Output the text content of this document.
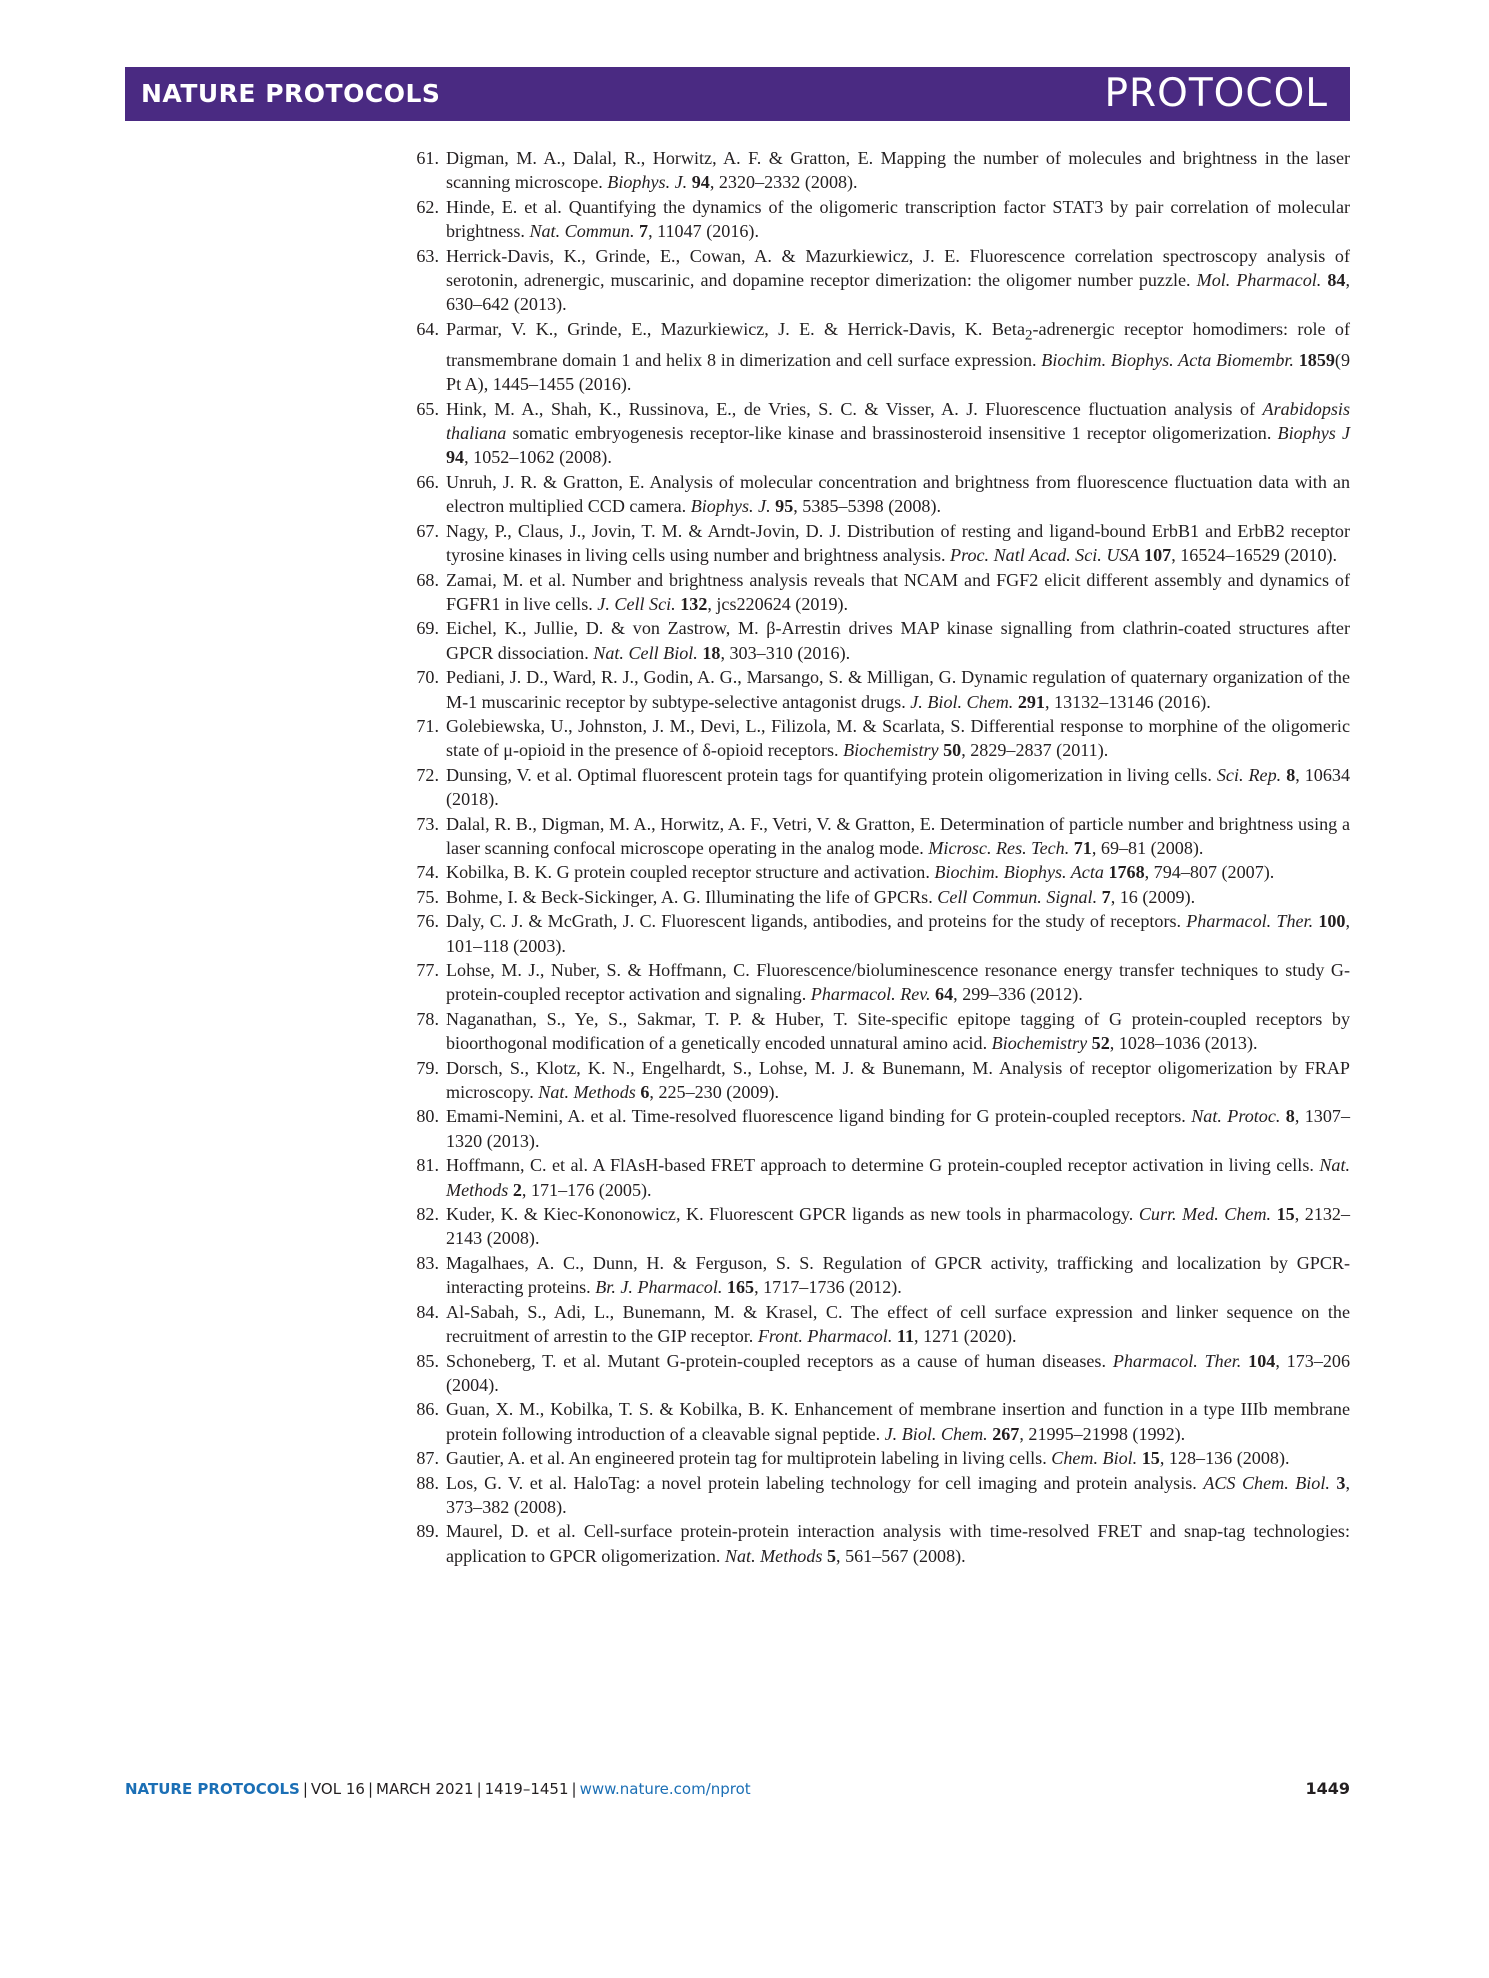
NATURE PROTOCOLS	PROTOCOL
61. Digman, M. A., Dalal, R., Horwitz, A. F. & Gratton, E. Mapping the number of molecules and brightness in the laser scanning microscope. Biophys. J. 94, 2320–2332 (2008).
62. Hinde, E. et al. Quantifying the dynamics of the oligomeric transcription factor STAT3 by pair correlation of molecular brightness. Nat. Commun. 7, 11047 (2016).
63. Herrick-Davis, K., Grinde, E., Cowan, A. & Mazurkiewicz, J. E. Fluorescence correlation spectroscopy analysis of serotonin, adrenergic, muscarinic, and dopamine receptor dimerization: the oligomer number puzzle. Mol. Pharmacol. 84, 630–642 (2013).
64. Parmar, V. K., Grinde, E., Mazurkiewicz, J. E. & Herrick-Davis, K. Beta$_2$-adrenergic receptor homodimers: role of transmembrane domain 1 and helix 8 in dimerization and cell surface expression. Biochim. Biophys. Acta Biomembr. 1859(9 Pt A), 1445–1455 (2016).
65. Hink, M. A., Shah, K., Russinova, E., de Vries, S. C. & Visser, A. J. Fluorescence fluctuation analysis of Arabidopsis thaliana somatic embryogenesis receptor-like kinase and brassinosteroid insensitive 1 receptor oligomerization. Biophys J 94, 1052–1062 (2008).
66. Unruh, J. R. & Gratton, E. Analysis of molecular concentration and brightness from fluorescence fluctuation data with an electron multiplied CCD camera. Biophys. J. 95, 5385–5398 (2008).
67. Nagy, P., Claus, J., Jovin, T. M. & Arndt-Jovin, D. J. Distribution of resting and ligand-bound ErbB1 and ErbB2 receptor tyrosine kinases in living cells using number and brightness analysis. Proc. Natl Acad. Sci. USA 107, 16524–16529 (2010).
68. Zamai, M. et al. Number and brightness analysis reveals that NCAM and FGF2 elicit different assembly and dynamics of FGFR1 in live cells. J. Cell Sci. 132, jcs220624 (2019).
69. Eichel, K., Jullie, D. & von Zastrow, M. β-Arrestin drives MAP kinase signalling from clathrin-coated structures after GPCR dissociation. Nat. Cell Biol. 18, 303–310 (2016).
70. Pediani, J. D., Ward, R. J., Godin, A. G., Marsango, S. & Milligan, G. Dynamic regulation of quaternary organization of the M-1 muscarinic receptor by subtype-selective antagonist drugs. J. Biol. Chem. 291, 13132–13146 (2016).
71. Golebiewska, U., Johnston, J. M., Devi, L., Filizola, M. & Scarlata, S. Differential response to morphine of the oligomeric state of μ-opioid in the presence of δ-opioid receptors. Biochemistry 50, 2829–2837 (2011).
72. Dunsing, V. et al. Optimal fluorescent protein tags for quantifying protein oligomerization in living cells. Sci. Rep. 8, 10634 (2018).
73. Dalal, R. B., Digman, M. A., Horwitz, A. F., Vetri, V. & Gratton, E. Determination of particle number and brightness using a laser scanning confocal microscope operating in the analog mode. Microsc. Res. Tech. 71, 69–81 (2008).
74. Kobilka, B. K. G protein coupled receptor structure and activation. Biochim. Biophys. Acta 1768, 794–807 (2007).
75. Bohme, I. & Beck-Sickinger, A. G. Illuminating the life of GPCRs. Cell Commun. Signal. 7, 16 (2009).
76. Daly, C. J. & McGrath, J. C. Fluorescent ligands, antibodies, and proteins for the study of receptors. Pharmacol. Ther. 100, 101–118 (2003).
77. Lohse, M. J., Nuber, S. & Hoffmann, C. Fluorescence/bioluminescence resonance energy transfer techniques to study G-protein-coupled receptor activation and signaling. Pharmacol. Rev. 64, 299–336 (2012).
78. Naganathan, S., Ye, S., Sakmar, T. P. & Huber, T. Site-specific epitope tagging of G protein-coupled receptors by bioorthogonal modification of a genetically encoded unnatural amino acid. Biochemistry 52, 1028–1036 (2013).
79. Dorsch, S., Klotz, K. N., Engelhardt, S., Lohse, M. J. & Bunemann, M. Analysis of receptor oligomerization by FRAP microscopy. Nat. Methods 6, 225–230 (2009).
80. Emami-Nemini, A. et al. Time-resolved fluorescence ligand binding for G protein-coupled receptors. Nat. Protoc. 8, 1307–1320 (2013).
81. Hoffmann, C. et al. A FlAsH-based FRET approach to determine G protein-coupled receptor activation in living cells. Nat. Methods 2, 171–176 (2005).
82. Kuder, K. & Kiec-Kononowicz, K. Fluorescent GPCR ligands as new tools in pharmacology. Curr. Med. Chem. 15, 2132–2143 (2008).
83. Magalhaes, A. C., Dunn, H. & Ferguson, S. S. Regulation of GPCR activity, trafficking and localization by GPCR-interacting proteins. Br. J. Pharmacol. 165, 1717–1736 (2012).
84. Al-Sabah, S., Adi, L., Bunemann, M. & Krasel, C. The effect of cell surface expression and linker sequence on the recruitment of arrestin to the GIP receptor. Front. Pharmacol. 11, 1271 (2020).
85. Schoneberg, T. et al. Mutant G-protein-coupled receptors as a cause of human diseases. Pharmacol. Ther. 104, 173–206 (2004).
86. Guan, X. M., Kobilka, T. S. & Kobilka, B. K. Enhancement of membrane insertion and function in a type IIIb membrane protein following introduction of a cleavable signal peptide. J. Biol. Chem. 267, 21995–21998 (1992).
87. Gautier, A. et al. An engineered protein tag for multiprotein labeling in living cells. Chem. Biol. 15, 128–136 (2008).
88. Los, G. V. et al. HaloTag: a novel protein labeling technology for cell imaging and protein analysis. ACS Chem. Biol. 3, 373–382 (2008).
89. Maurel, D. et al. Cell-surface protein-protein interaction analysis with time-resolved FRET and snap-tag technologies: application to GPCR oligomerization. Nat. Methods 5, 561–567 (2008).
NATURE PROTOCOLS | VOL 16 | MARCH 2021 | 1419–1451 | www.nature.com/nprot	1449
